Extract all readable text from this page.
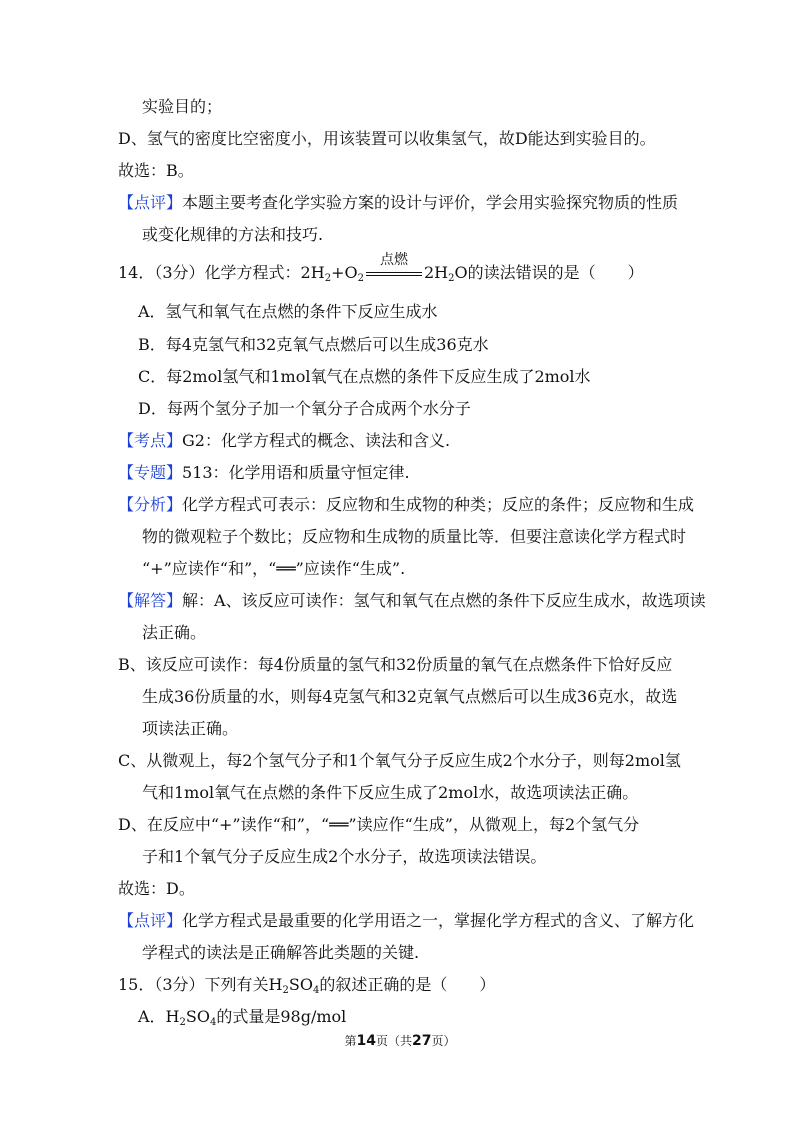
实验目的；
D、氢气的密度比空密度小，用该装置可以收集氢气，故D能达到实验目的。
故选：B。
【点评】本题主要考查化学实验方案的设计与评价，学会用实验探究物质的性质
或变化规律的方法和技巧.
14．（3分）化学方程式：$2H_2+O_2$
点燃
$2H_2O$的读法错误的是（　　）
A．氢气和氧气在点燃的条件下反应生成水
B．每4克氢气和32克氧气点燃后可以生成36克水
C．每2mol氢气和1mol氧气在点燃的条件下反应生成了2mol水
D．每两个氢分子加一个氧分子合成两个水分子
【考点】G2：化学方程式的概念、读法和含义.
【专题】513：化学用语和质量守恒定律.
【分析】化学方程式可表示：反应物和生成物的种类；反应的条件；反应物和生成
物的微观粒子个数比；反应物和生成物的质量比等．但要注意读化学方程式时
“+”应读作“和”，“══”应读作“生成”.
【解答】解：A、该反应可读作：氢气和氧气在点燃的条件下反应生成水，故选项读
法正确。
B、该反应可读作：每4份质量的氢气和32份质量的氧气在点燃条件下恰好反应
生成36份质量的水，则每4克氢气和32克氧气点燃后可以生成36克水，故选
项读法正确。
C、从微观上，每2个氢气分子和1个氧气分子反应生成2个水分子，则每2mol氢
气和1mol氧气在点燃的条件下反应生成了2mol水，故选项读法正确。
D、在反应中“+”读作“和”，“══”读应作“生成”，从微观上，每2个氢气分
子和1个氧气分子反应生成2个水分子，故选项读法错误。
故选：D。
【点评】化学方程式是最重要的化学用语之一，掌握化学方程式的含义、了解方化
学程式的读法是正确解答此类题的关键.
15．（3分）下列有关$H_2SO_4$的叙述正确的是（　　）
A．$H_2SO_4$的式量是98g/mol
第14页（共27页）
